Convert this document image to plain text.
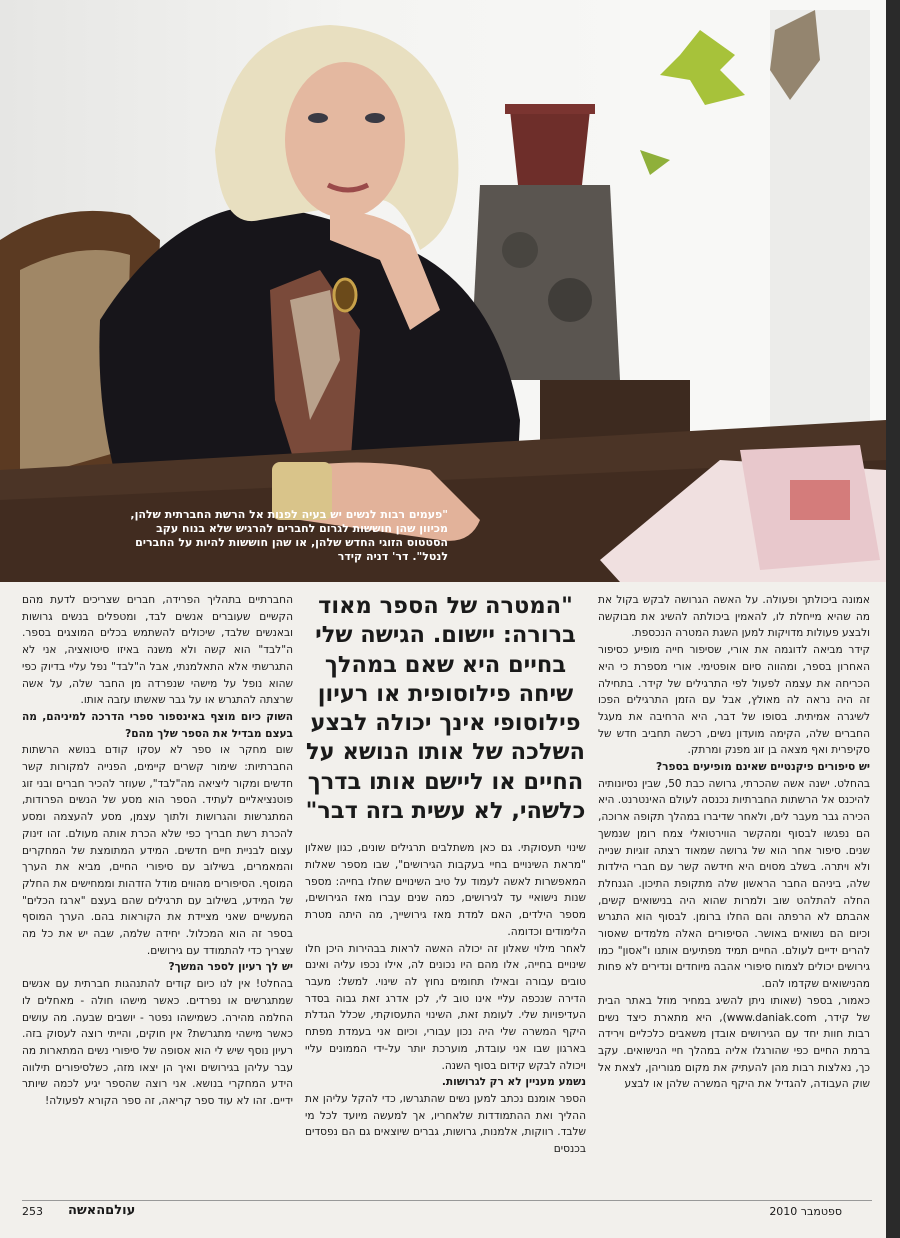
"פעמים רבות לנשים יש בעיה לפנות אל הרשת החברתית שלהן, מכיוון שהן חוששות לגרום לחברים להרגיש שלא בנוח עקב הסטטוס הזוגי החדש שלהן, או שהן חוששות להיות על החברים לנטל". דר' דניה קידר

אמונה ביכולתך ופעולה. על האשה הגרושה לבקש בקול את מה שהיא מייחלת לו, להאמין ביכולתה להשיג את מבוקשה ולבצע פעולות מדויקות למען השגת המטרה הנכספת.

קידר מביאה לדוגמה את אורי, שסיפור חייה מופיע כסיפור האחרון בספר, ומהווה סיום אופטימי. אורי מספרת כי היא הכריחה את עצמה לפעול לפי התרגילים של קידר. בתחילה זה היה נראה לה מאולץ, אבל עם הזמן התרגילים הפכו לשיגרה אמיתית. בסופו של דבר, היא הרחיבה את מעגל החברים שלה, הקימה מועדון נשים, רכשה תחביב חדש של סקיפרית ואף מצאה בן זוג מפנק ומרתק.

יש סיפורים פיקנטיים שאינם מופיעים בספר?

בהחלט. ישנה אשה שהכרתי, גרושה כבת 50, שבין נסיונותיה להיכנס אל הרשתות החברתיות נכנסה לעולם האינטרנט. היא הכירה גבר מעבר לים, ולאחר שדיברו במהלך תקופה ארוכה, הם נפגשו לבסוף ומהקשר הווירטואלי צמח רומן שנמשך שנים. סיפור אחר הוא של גרושה שמאוד רצתה זוגיות שנייה ולא ויתרה. בשלב מסוים היא חידשה קשר עם חברי הילדות שלה, ביניהם החבר הראשון שלה מתקופת התיכון. הגנחלת החלה להתלהט שוב ולמרות שהוא היה בנישואים קשים, אהבתם לא הרפתה והם החלו ברומן. לבסוף הוא התגרש וכיום הם נשואים באושר. הסיפורים האלה מלמדים שאסור להרים ידיים לעולם. החיים תמיד מפתיעים אותנו ו"אסון" כמו גירושים יכולים לצמוח סיפורי אהבה מיוחדים ונדירים לא פחות מהנישואים שקדמו להם.

כאמור, בספר (שאותו ניתן להשיג במחיר מוזל באתר הבית של קידר, www.daniak.com), היא מתארת כיצד נשים רבות חוות יחד עם הגירושים אובדן משאבים כלכליים וירידה ברמת החיים כפי שהורגלו אליה במהלך חיי הנישואים. עקב כך, נאלצות רבות מהן להעתיק את מקום מגוריהן, לצאת אל שוק העבודה, להגדיל את היקף המשרה שלהן או לבצע

"המטרה של הספר מאוד ברורה: יישום. הגישה שלי בחיים היא שאם במהלך שיחה פילוסופית או רעיון פילוסופי אינך יכולה לבצע השלכה של אותו הנושא על החיים או ליישם אותו בדרך כלשהי, לא עשית בזה דבר"

שינוי תעסוקתי. גם כאן משתלבים תרגילים שונים, כגון שאלון "מראת השינויים בחיי בעקבות הגירושים", שבו מספר שאלות המאפשרות לאשה לעמוד על טיב השינויים שחלו בחייה: מספר שנות נישואיי עד לגירושים, כמה שנים עברו מאז הגירושים, מספר הילדים, האם למדת מאז גירושייך, מה היתה מטרת הלימודים וכדומה.

לאחר מילוי שאלון זה יכולה האשה לראות בבהירות היכן חלו שינויים בחייה, אלו מהם היו נכונים לה, אילו נכפו עליה ואינם טובים עבורה ובאילו תחומים נחוץ לה שינוי. למשל: מעבר הדירה שנכפה עליי אינו טוב לי, לכן אדרג זאת גבוה בסדר העדיפויות שלי. לעומת זאת, השינוי התעסוקתי, שכלל הגדלת היקף המשרה שלי היה נכון עבורי, וכיום אני בעמדת מפתח בארגון שבו אני עובדת, מוערכת יותר על-ידי הממונים עליי ויכולה לבקש קידום בסוף השנה.

נשמע מעניין לא רק לגרושות.

הספר אומנם נכתב למען נשים שהתגרשו, כדי להקל עליהן את ההליך ואת ההתמודדות שלאחריו, אך למעשה מיועד לכל מי שלבד. רווקות, אלמנות, גרושות, גברים שיוצאים גם הם נפסדים בכנסים

החברתיים בתהליך הפרידה, חברים שצריכים לדעת מהם הקשיים שעוברים אנשים לבד, ומטפלים בנשים גרושות ובאנשים שלבד, שיכולים להשתמש בכלים המוצגים בספר. ה"לבד" הוא קשה ולא משנה באיזו סיטואציה, אני לא התגרשתי אלא התאלמנתי, אבל ה"לבד" נפל עליי בדיוק כפי שהוא נופל על מישהי שנפרדה מן החבר שלה, על אשה שרצתה להתגרש או על גבר שאשתו עזבה אותו.

השוק כיום מוצף באינספור ספרי הדרכה למיניהם, מה בעצם מבדיל את הספר שלך מהם?

שום מחקר או ספר לא עסקו קודם בנושא הרשתות החברתיות: שימור קשרים קיימים, הפנייה למקורות קשר חדשים ומקור ליציאה מה"לבד", שעוזר להכיר חברים ובני זוג פוטנציאליים לעתיד. הספר הוא מסע של הנשים הפרודות, המתגרשות והגרושות ולתוך עצמן, מסע להעצמה ומסע להכרת רשת חבריך כפי שלא הכרת אותה מעולם. זהו זינוק עצום לבניית חיים חדשים. המידע המתומצת של המחקרים והמאמרים, בשילוב עם סיפורי החיים, מביא את הערך המוסף. הסיפורים מהווים מודל הזדהות וממחישים את החלק של המידע, בשילוב עם תרגילים שהם בעצם "ארגז הכלים" המעשיים שאני מציידת את הקוראות בהם. הערך המוסף בספר זה הוא המכלול. יחידה שלמה, שבה יש את כל מה שצריך כדי להתמודד עם גירושים.

יש לך רעיון לספר המשך?

בהחלט! אין לנו כיום קודים להתנהגות חברתית עם אנשים שמתגרשים או נפרדים. כאשר מישהו חולה - מאחלים לו החלמה מהירה. כשמישהו נפטר - יושבים שבעה. מה עושים כאשר מישהי מתגרשת? אין חוקים, והייתי רוצה לעסוק בזה. רעיון נוסף שיש לי הוא אסופה של סיפורי נשים המתארות מה עבר עליהן בגירושים ואיך הן יצאו מזה, כשלסיפורים תילווה הידע המחקרי בנושא. אני רוצה שהספר יגיע לכמה שיותר ידיים. זהו לא עוד ספר קריאה, זה ספר הקורא לפעולה!

253 עולםהאשה	ספטמבר 2010
